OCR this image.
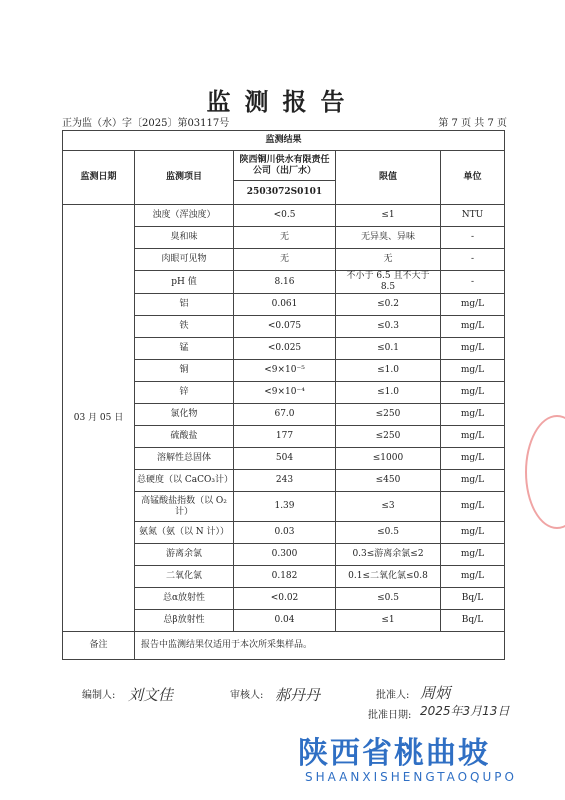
监测报告
正为监（水）字〔2025〕第03117号	第 7 页 共 7 页
监测结果				
监测日期	监测项目	陕西铜川供水有限责任公司（出厂水）	限值	单位
		2503072S0101		
03 月 05 日	浊度（浑浊度）	<0.5	≤1	NTU
	臭和味	无	无异臭、异味	-
	肉眼可见物	无	无	-
	pH 值	8.16	不小于 6.5 且不大于 8.5	-
	铝	0.061	≤0.2	mg/L
	铁	<0.075	≤0.3	mg/L
	锰	<0.025	≤0.1	mg/L
	铜	<9×10⁻⁵	≤1.0	mg/L
	锌	<9×10⁻⁴	≤1.0	mg/L
	氯化物	67.0	≤250	mg/L
	硫酸盐	177	≤250	mg/L
	溶解性总固体	504	≤1000	mg/L
	总硬度（以 CaCO₃计）	243	≤450	mg/L
	高锰酸盐指数（以 O₂计）	1.39	≤3	mg/L
	氨氮（氨（以 N 计））	0.03	≤0.5	mg/L
	游离余氯	0.300	0.3≤游离余氯≤2	mg/L
	二氧化氯	0.182	0.1≤二氧化氯≤0.8	mg/L
	总α放射性	<0.02	≤0.5	Bq/L
	总β放射性	0.04	≤1	Bq/L
备注	报告中监测结果仅适用于本次所采集样品。			
编制人: 刘文佳	审核人: 郝丹丹	批准人: 周炳
批准日期: 2025年3月13日
陕西省桃曲坡
SHAANXISHENGTAOQUPO
